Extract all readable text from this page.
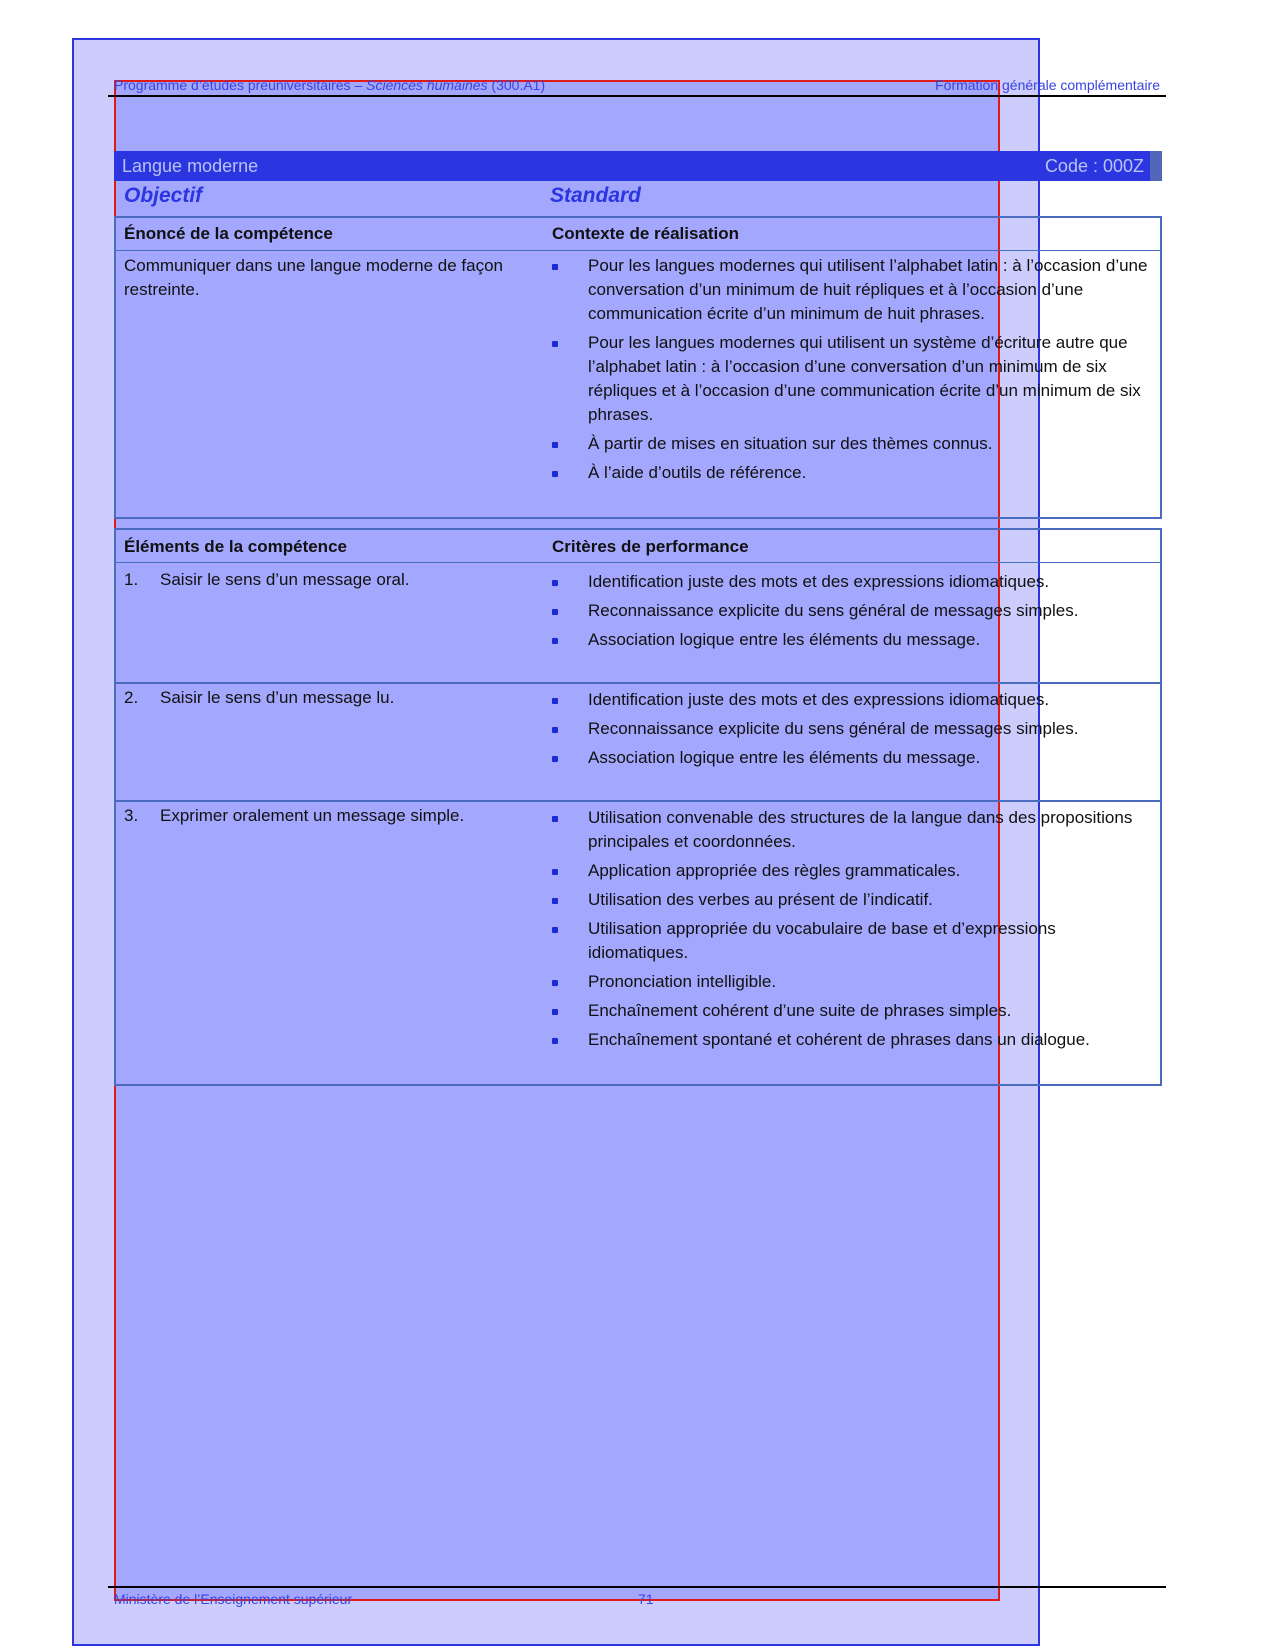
Programme d’études préuniversitaires – Sciences humaines (300.A1)	Formation générale complémentaire
Langue moderne	Code : 000Z
Objectif	Standard
Énoncé de la compétence	Contexte de réalisation
Communiquer dans une langue moderne de façon restreinte.
Pour les langues modernes qui utilisent l’alphabet latin : à l’occasion d’une conversation d’un minimum de huit répliques et à l’occasion d’une communication écrite d’un minimum de huit phrases.
Pour les langues modernes qui utilisent un système d’écriture autre que l’alphabet latin : à l’occasion d’une conversation d’un minimum de six répliques et à l’occasion d’une communication écrite d’un minimum de six phrases.
À partir de mises en situation sur des thèmes connus.
À l’aide d’outils de référence.
Éléments de la compétence	Critères de performance
1. Saisir le sens d’un message oral.	Identification juste des mots et des expressions idiomatiques.
Reconnaissance explicite du sens général de messages simples.
Association logique entre les éléments du message.
2. Saisir le sens d’un message lu.	Identification juste des mots et des expressions idiomatiques.
Reconnaissance explicite du sens général de messages simples.
Association logique entre les éléments du message.
3. Exprimer oralement un message simple.	Utilisation convenable des structures de la langue dans des propositions principales et coordonnées.
Application appropriée des règles grammaticales.
Utilisation des verbes au présent de l’indicatif.
Utilisation appropriée du vocabulaire de base et d’expressions idiomatiques.
Prononciation intelligible.
Enchaînement cohérent d’une suite de phrases simples.
Enchaînement spontané et cohérent de phrases dans un dialogue.
Ministère de l’Enseignement supérieur	71
